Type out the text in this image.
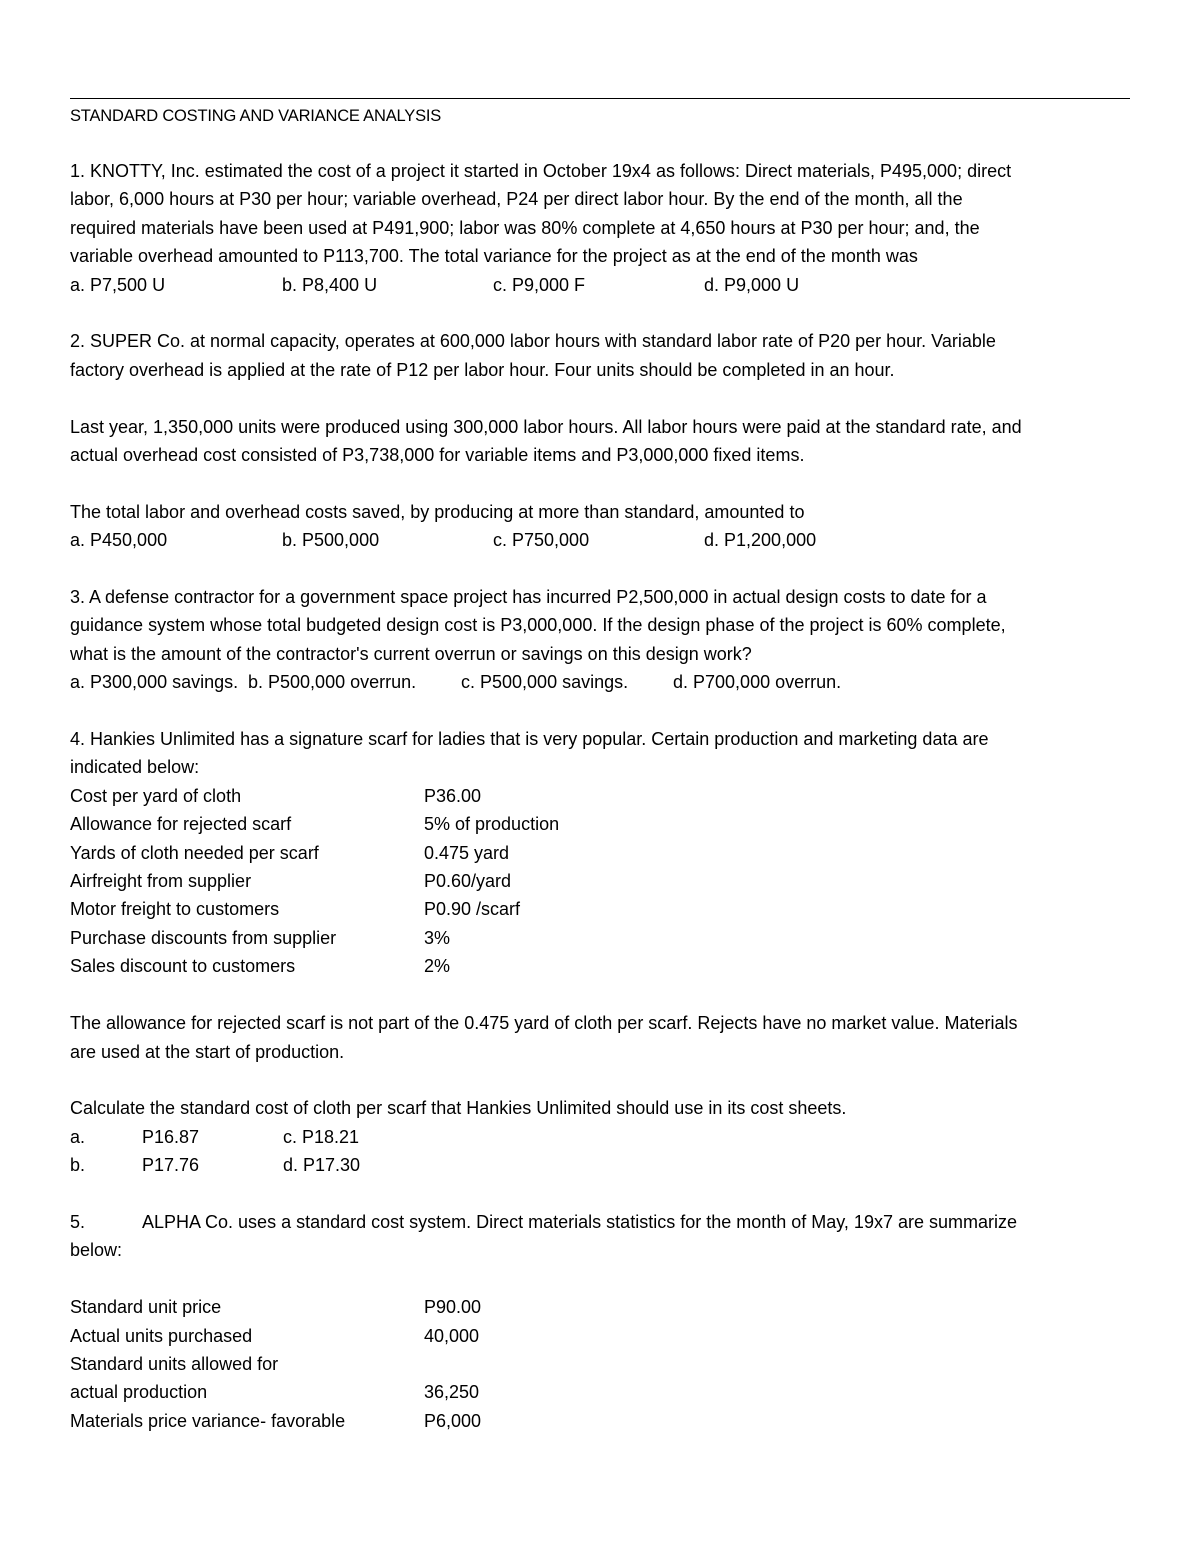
STANDARD COSTING AND VARIANCE ANALYSIS

1. KNOTTY, Inc. estimated the cost of a project it started in October 19x4 as follows: Direct materials, P495,000; direct

labor, 6,000 hours at P30 per hour; variable overhead, P24 per direct labor hour. By the end of the month, all the

required materials have been used at P491,900; labor was 80% complete at 4,650 hours at P30 per hour; and, the

variable overhead amounted to P113,700. The total variance for the project as at the end of the month was

a. P7,500 U	b. P8,400 U	c. P9,000 F	d. P9,000 U

2. SUPER Co. at normal capacity, operates at 600,000 labor hours with standard labor rate of P20 per hour. Variable

factory overhead is applied at the rate of P12 per labor hour. Four units should be completed in an hour.

Last year, 1,350,000 units were produced using 300,000 labor hours. All labor hours were paid at the standard rate, and

actual overhead cost consisted of P3,738,000 for variable items and P3,000,000 fixed items.

The total labor and overhead costs saved, by producing at more than standard, amounted to

a. P450,000	b. P500,000	c. P750,000	d. P1,200,000

3. A defense contractor for a government space project has incurred P2,500,000 in actual design costs to date for a

guidance system whose total budgeted design cost is P3,000,000. If the design phase of the project is 60% complete,

what is the amount of the contractor's current overrun or savings on this design work?

a. P300,000 savings. b. P500,000 overrun.	c. P500,000 savings.	d. P700,000 overrun.

4. Hankies Unlimited has a signature scarf for ladies that is very popular. Certain production and marketing data are

indicated below:

Cost per yard of cloth	P36.00
Allowance for rejected scarf	5% of production
Yards of cloth needed per scarf	0.475 yard
Airfreight from supplier	P0.60/yard
Motor freight to customers	P0.90 /scarf
Purchase discounts from supplier	3%
Sales discount to customers	2%

The allowance for rejected scarf is not part of the 0.475 yard of cloth per scarf. Rejects have no market value. Materials

are used at the start of production.

Calculate the standard cost of cloth per scarf that Hankies Unlimited should use in its cost sheets.

a.	P16.87	c. P18.21
b.	P17.76	d. P17.30
5.	ALPHA Co. uses a standard cost system. Direct materials statistics for the month of May, 19x7 are summarize

below:

Standard unit price	P90.00
Actual units purchased	40,000
Standard units allowed for
actual production	36,250
Materials price variance- favorable	P6,000
